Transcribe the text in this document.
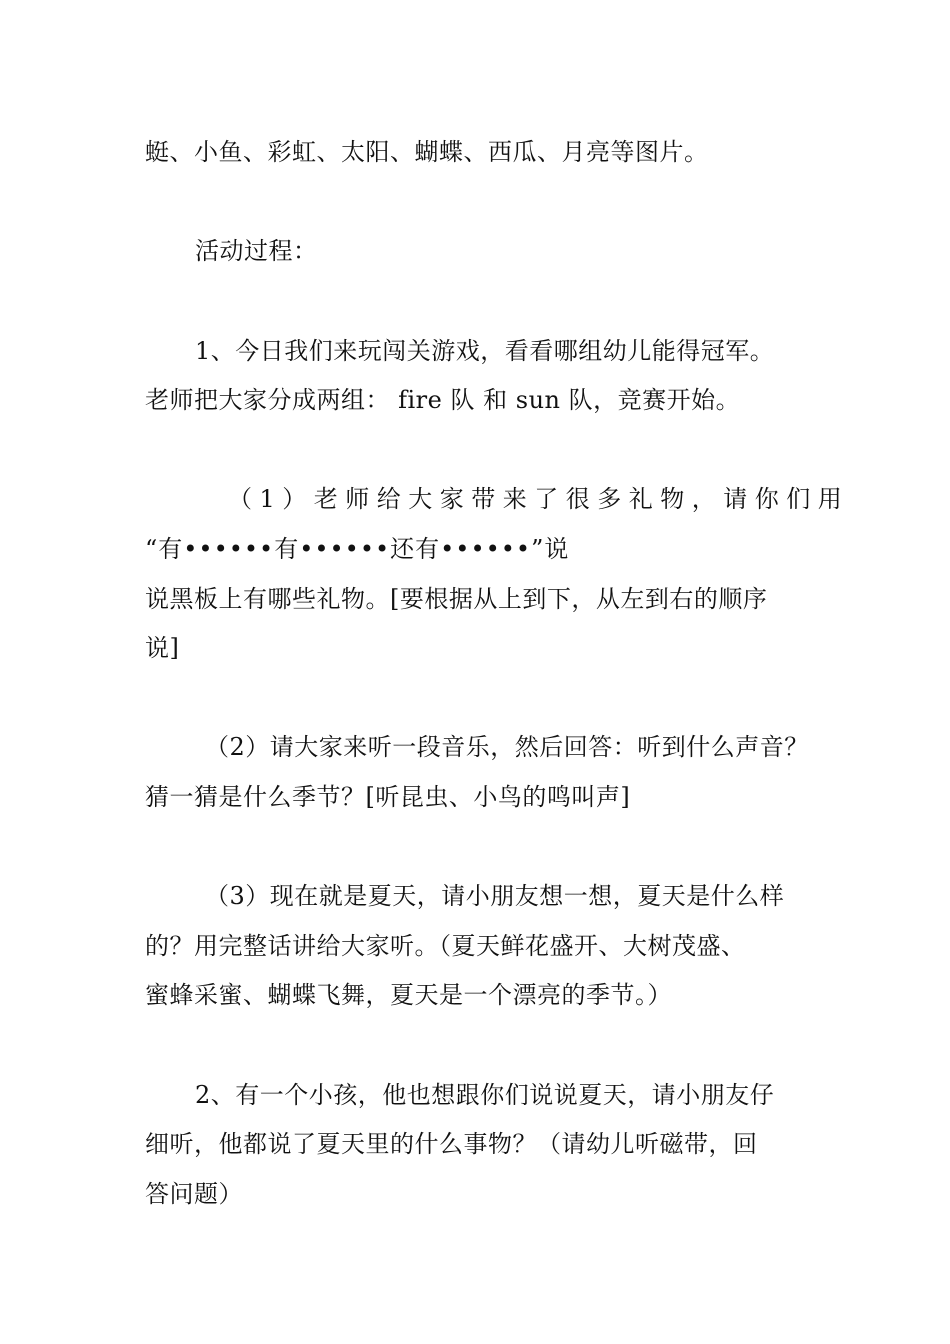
蜓、小鱼、彩虹、太阳、蝴蝶、西瓜、月亮等图片。
活动过程：
1、今日我们来玩闯关游戏，看看哪组幼儿能得冠军。
老师把大家分成两组： fire 队 和 sun 队，竞赛开始。
（1）老师给大家带来了很多礼物，请你们用
“有••••••有••••••还有••••••”说
说黑板上有哪些礼物。[要根据从上到下，从左到右的顺序
说]
（2）请大家来听一段音乐，然后回答：听到什么声音？
猜一猜是什么季节？[听昆虫、小鸟的鸣叫声]
（3）现在就是夏天，请小朋友想一想，夏天是什么样
的？用完整话讲给大家听。（夏天鲜花盛开、大树茂盛、
蜜蜂采蜜、蝴蝶飞舞，夏天是一个漂亮的季节。）
2、有一个小孩，他也想跟你们说说夏天，请小朋友仔
细听，他都说了夏天里的什么事物？（请幼儿听磁带，回
答问题）
